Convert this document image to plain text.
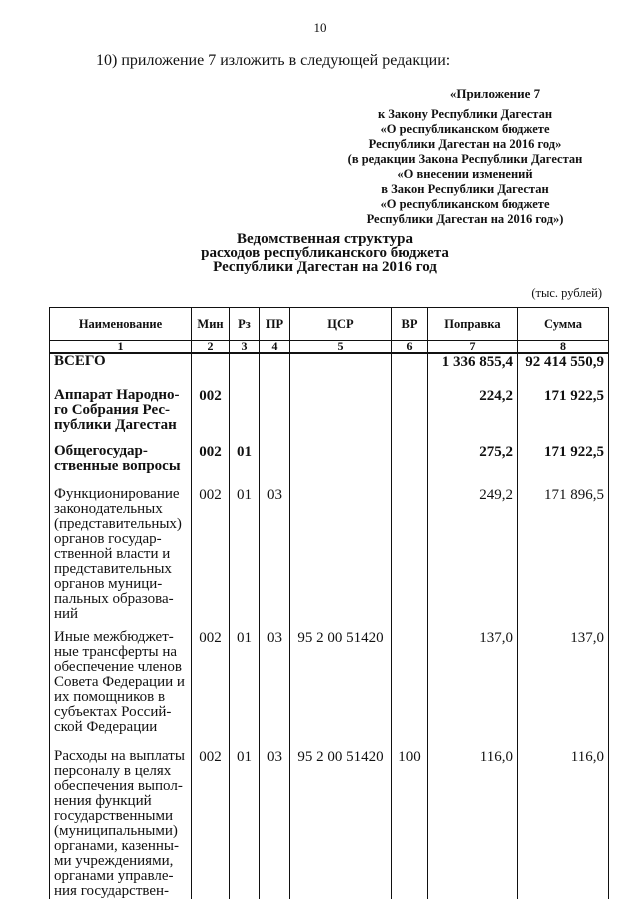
10
10) приложение 7 изложить в следующей редакции:
«Приложение 7
к Закону Республики Дагестан
«О республиканском бюджете
Республики Дагестан на 2016 год»
(в редакции Закона Республики Дагестан
«О внесении изменений
в Закон Республики Дагестан
«О республиканском бюджете
Республики Дагестан на 2016 год»)
Ведомственная структура
расходов республиканского бюджета
Республики Дагестан на 2016 год
(тыс. рублей)
Наименование	Мин	Рз	ПР	ЦСР	ВР	Поправка	Сумма
1	2	3	4	5	6	7	8
ВСЕГО						1 336 855,4	92 414 550,9
Аппарат Народно-го Собрания Рес-публики Дагестан	002					224,2	171 922,5
Общегосудар-ственные вопросы	002	01				275,2	171 922,5
Функционирование законодательных (представительных) органов государ-ственной власти и представительных органов муници-пальных образова-ний	002	01	03			249,2	171 896,5
Иные межбюджет-ные трансферты на обеспечение членов Совета Федерации и их помощников в субъектах Россий-ской Федерации	002	01	03	95 2 00 51420		137,0	137,0
Расходы на выплаты персоналу в целях обеспечения выпол-нения функций государственными (муниципальными) органами, казенны-ми учреждениями, органами управле-ния государствен-	002	01	03	95 2 00 51420	100	116,0	116,0
